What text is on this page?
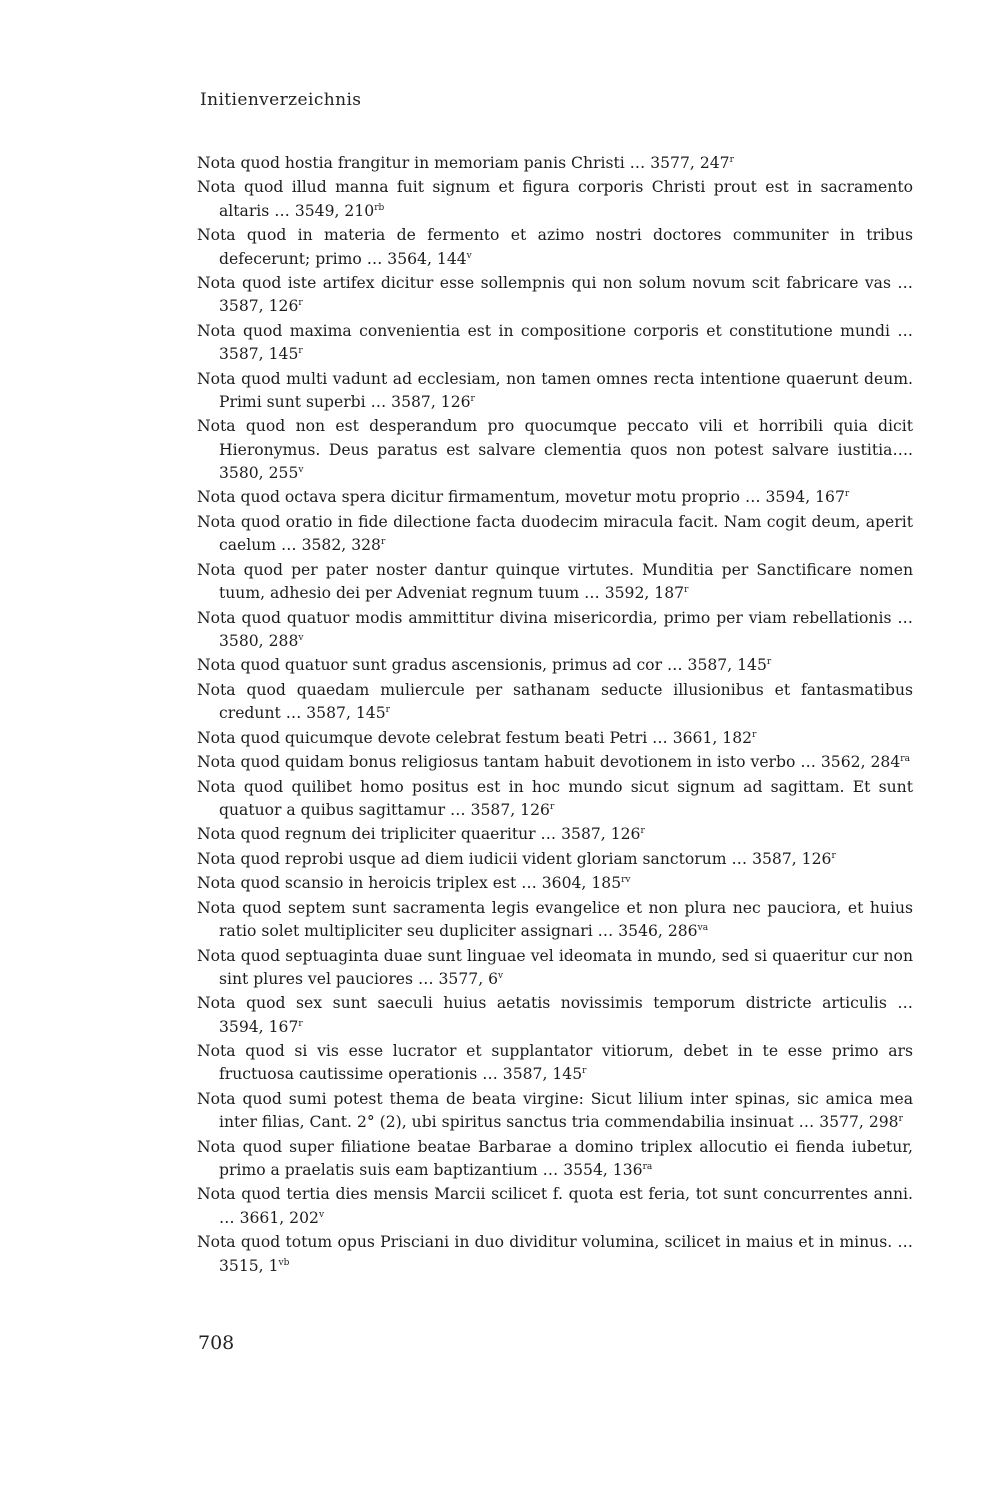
Initienverzeichnis
Nota quod hostia frangitur in memoriam panis Christi … 3577, 247$^r$
Nota quod illud manna fuit signum et figura corporis Christi prout est in sacramento altaris … 3549, $210^{rb}$
Nota quod in materia de fermento et azimo nostri doctores communiter in tribus defecerunt; primo … 3564, 144$^v$
Nota quod iste artifex dicitur esse sollempnis qui non solum novum scit fabricare vas … 3587, 126$^r$
Nota quod maxima convenientia est in compositione corporis et constitutione mundi … 3587, 145$^r$
Nota quod multi vadunt ad ecclesiam, non tamen omnes recta intentione quaerunt deum. Primi sunt superbi … 3587, 126$^r$
Nota quod non est desperandum pro quocumque peccato vili et horribili quia dicit Hieronymus. Deus paratus est salvare clementia quos non potest salvare iustitia…. 3580, 255$^v$
Nota quod octava spera dicitur firmamentum, movetur motu proprio … 3594, 167$^r$
Nota quod oratio in fide dilectione facta duodecim miracula facit. Nam cogit deum, aperit caelum … 3582, 328$^r$
Nota quod per pater noster dantur quinque virtutes. Munditia per Sanctificare nomen tuum, adhesio dei per Adveniat regnum tuum … 3592, 187$^r$
Nota quod quatuor modis ammittitur divina misericordia, primo per viam rebellationis … 3580, 288$^v$
Nota quod quatuor sunt gradus ascensionis, primus ad cor … 3587, 145$^r$
Nota quod quaedam muliercule per sathanam seducte illusionibus et fantasmatibus credunt … 3587, 145$^r$
Nota quod quicumque devote celebrat festum beati Petri … 3661, 182$^r$
Nota quod quidam bonus religiosus tantam habuit devotionem in isto verbo … 3562, $284^{ra}$
Nota quod quilibet homo positus est in hoc mundo sicut signum ad sagittam. Et sunt quatuor a quibus sagittamur … 3587, 126$^r$
Nota quod regnum dei tripliciter quaeritur … 3587, 126$^r$
Nota quod reprobi usque ad diem iudicii vident gloriam sanctorum … 3587, 126$^r$
Nota quod scansio in heroicis triplex est … 3604, $185^{rv}$
Nota quod septem sunt sacramenta legis evangelice et non plura nec pauciora, et huius ratio solet multipliciter seu dupliciter assignari … 3546, $286^{va}$
Nota quod septuaginta duae sunt linguae vel ideomata in mundo, sed si quaeritur cur non sint plures vel pauciores … 3577, 6$^v$
Nota quod sex sunt saeculi huius aetatis novissimis temporum districte articulis … 3594, 167$^r$
Nota quod si vis esse lucrator et supplantator vitiorum, debet in te esse primo ars fructuosa cautissime operationis … 3587, 145$^r$
Nota quod sumi potest thema de beata virgine: Sicut lilium inter spinas, sic amica mea inter filias, Cant. 2° (2), ubi spiritus sanctus tria commendabilia insinuat … 3577, 298$^r$
Nota quod super filiatione beatae Barbarae a domino triplex allocutio ei fienda iubetur, primo a praelatis suis eam baptizantium … 3554, $136^{ra}$
Nota quod tertia dies mensis Marcii scilicet f. quota est feria, tot sunt concurrentes anni. … 3661, 202$^v$
Nota quod totum opus Prisciani in duo dividitur volumina, scilicet in maius et in minus. … 3515, $1^{vb}$
708
